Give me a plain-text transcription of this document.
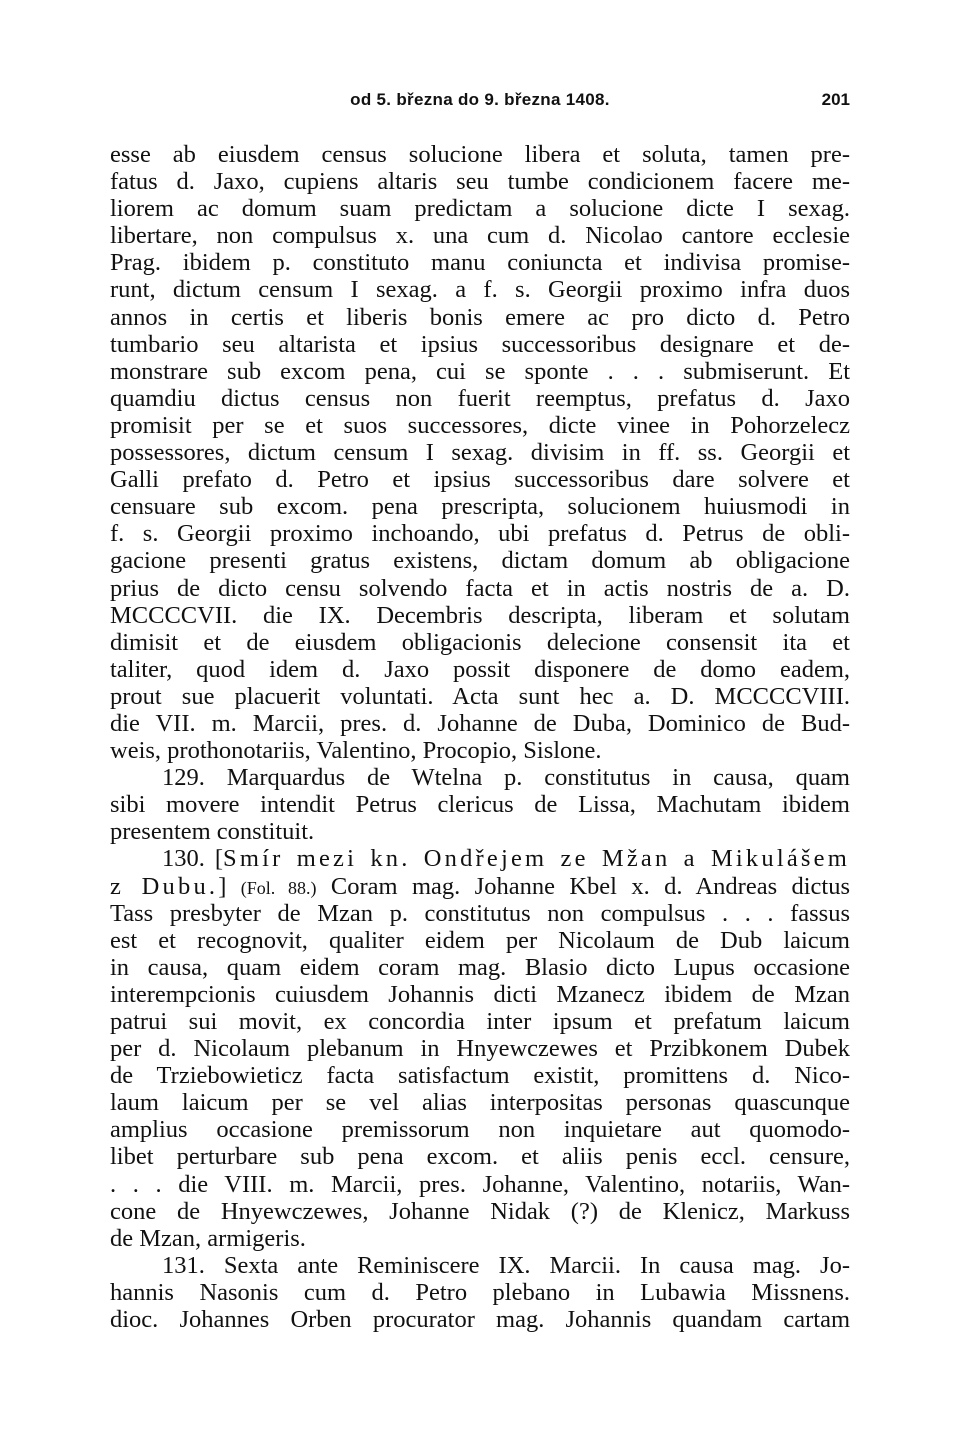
od 5. března do 9. března 1408.	201
esse ab eiusdem census solucione libera et soluta, tamen pre-
fatus d. Jaxo, cupiens altaris seu tumbe condicionem facere me-
liorem ac domum suam predictam a solucione dicte I sexag.
libertare, non compulsus x. una cum d. Nicolao cantore ecclesie
Prag. ibidem p. constituto manu coniuncta et indivisa promise-
runt, dictum censum I sexag. a f. s. Georgii proximo infra duos
annos in certis et liberis bonis emere ac pro dicto d. Petro
tumbario seu altarista et ipsius successoribus designare et de-
monstrare sub excom pena, cui se sponte . . . submiserunt. Et
quamdiu dictus census non fuerit reemptus, prefatus d. Jaxo
promisit per se et suos successores, dicte vinee in Pohorzelecz
possessores, dictum censum I sexag. divisim in ff. ss. Georgii et
Galli prefato d. Petro et ipsius successoribus dare solvere et
censuare sub excom. pena prescripta, solucionem huiusmodi in
f. s. Georgii proximo inchoando, ubi prefatus d. Petrus de obli-
gacione presenti gratus existens, dictam domum ab obligacione
prius de dicto censu solvendo facta et in actis nostris de a. D.
MCCCCVII. die IX. Decembris descripta, liberam et solutam
dimisit et de eiusdem obligacionis delecione consensit ita et
taliter, quod idem d. Jaxo possit disponere de domo eadem,
prout sue placuerit voluntati. Acta sunt hec a. D. MCCCCVIII.
die VII. m. Marcii, pres. d. Johanne de Duba, Dominico de Bud-
weis, prothonotariis, Valentino, Procopio, Sislone.
129. Marquardus de Wtelna p. constitutus in causa, quam
sibi movere intendit Petrus clericus de Lissa, Machutam ibidem
presentem constituit.
130. [Smír mezi kn. Ondřejem ze Mžan a Mikulášem
z Dubu.] (Fol. 88.) Coram mag. Johanne Kbel x. d. Andreas dictus
Tass presbyter de Mzan p. constitutus non compulsus . . . fassus
est et recognovit, qualiter eidem per Nicolaum de Dub laicum
in causa, quam eidem coram mag. Blasio dicto Lupus occasione
interempcionis cuiusdem Johannis dicti Mzanecz ibidem de Mzan
patrui sui movit, ex concordia inter ipsum et prefatum laicum
per d. Nicolaum plebanum in Hnyewczewes et Przibkonem Dubek
de Trziebowieticz facta satisfactum existit, promittens d. Nico-
laum laicum per se vel alias interpositas personas quascunque
amplius occasione premissorum non inquietare aut quomodo-
libet perturbare sub pena excom. et aliis penis eccl. censure,
. . . die VIII. m. Marcii, pres. Johanne, Valentino, notariis, Wan-
cone de Hnyewczewes, Johanne Nidak (?) de Klenicz, Markuss
de Mzan, armigeris.
131. Sexta ante Reminiscere IX. Marcii. In causa mag. Jo-
hannis Nasonis cum d. Petro plebano in Lubawia Missnens.
dioc. Johannes Orben procurator mag. Johannis quandam cartam
